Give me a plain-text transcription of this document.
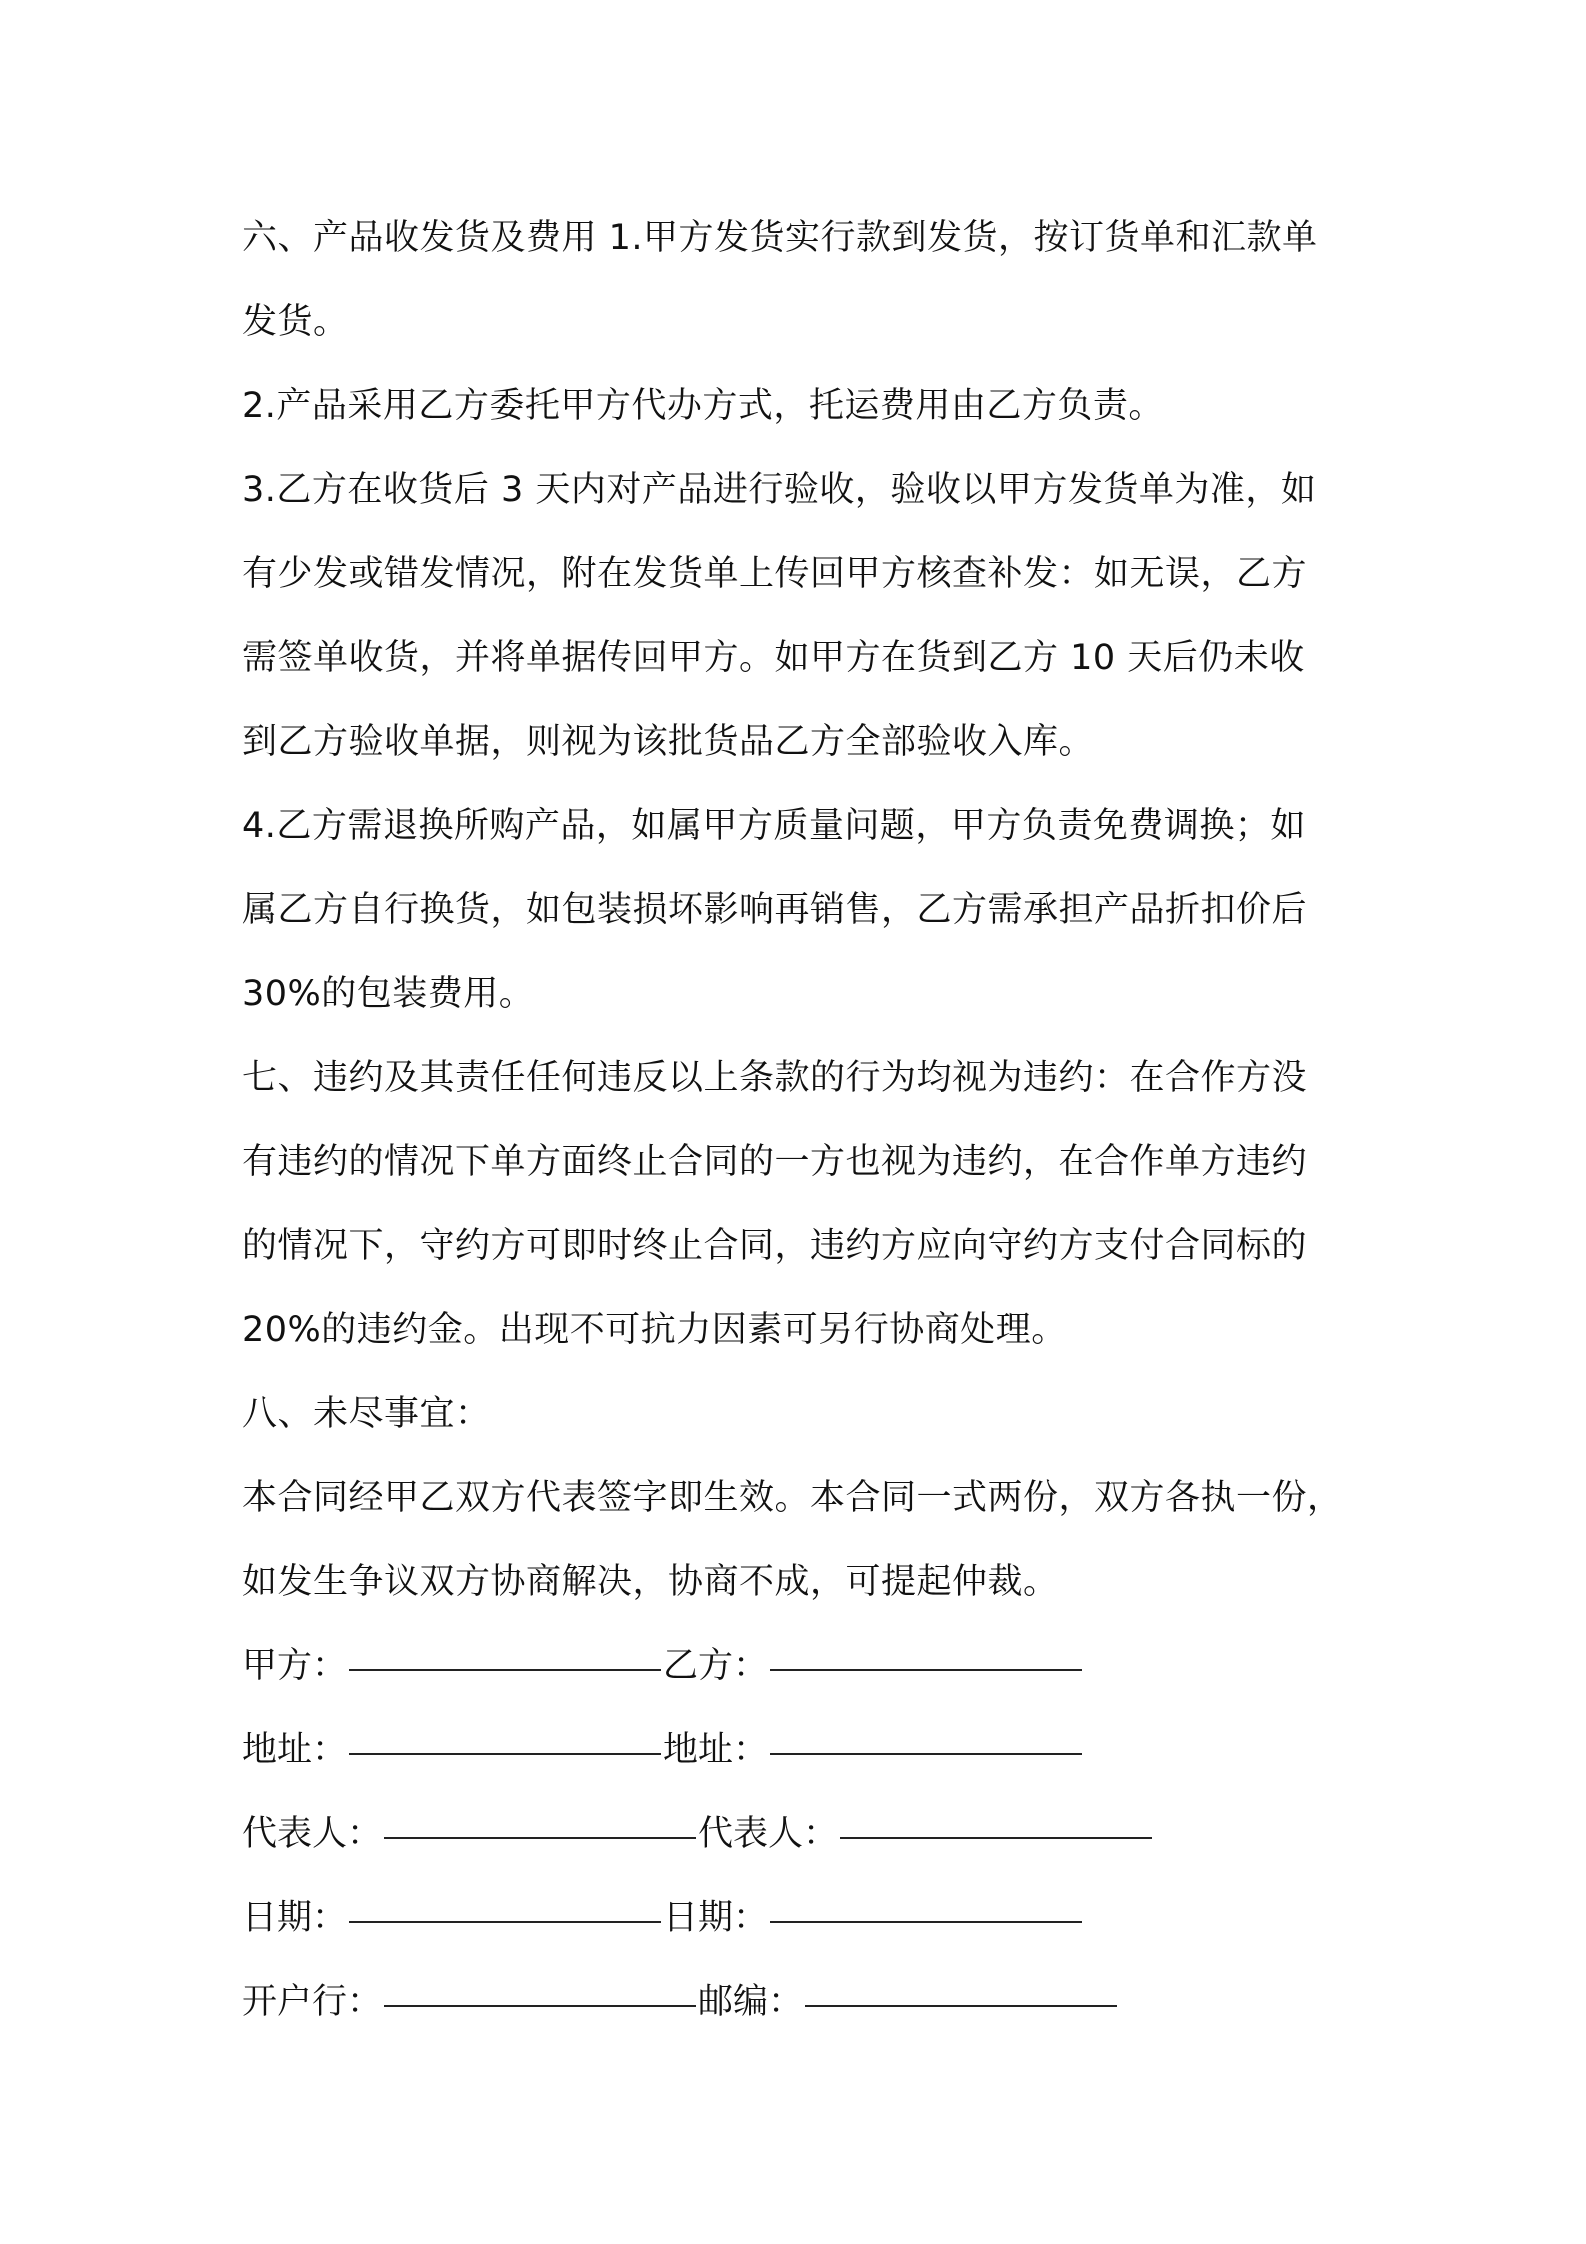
六、产品收发货及费用 1.甲方发货实行款到发货，按订货单和汇款单
发货。
2.产品采用乙方委托甲方代办方式，托运费用由乙方负责。
3.乙方在收货后 3 天内对产品进行验收，验收以甲方发货单为准，如
有少发或错发情况，附在发货单上传回甲方核查补发：如无误，乙方
需签单收货，并将单据传回甲方。如甲方在货到乙方 10 天后仍未收
到乙方验收单据，则视为该批货品乙方全部验收入库。
4.乙方需退换所购产品，如属甲方质量问题，甲方负责免费调换；如
属乙方自行换货，如包装损坏影响再销售，乙方需承担产品折扣价后
30%的包装费用。
七、违约及其责任任何违反以上条款的行为均视为违约：在合作方没
有违约的情况下单方面终止合同的一方也视为违约，在合作单方违约
的情况下，守约方可即时终止合同，违约方应向守约方支付合同标的
20%的违约金。出现不可抗力因素可另行协商处理。
八、未尽事宜：
本合同经甲乙双方代表签字即生效。本合同一式两份，双方各执一份，
如发生争议双方协商解决，协商不成，可提起仲裁。
甲方：	乙方：
地址：	地址：
代表人：	代表人：
日期：	日期：
开户行：	邮编：
